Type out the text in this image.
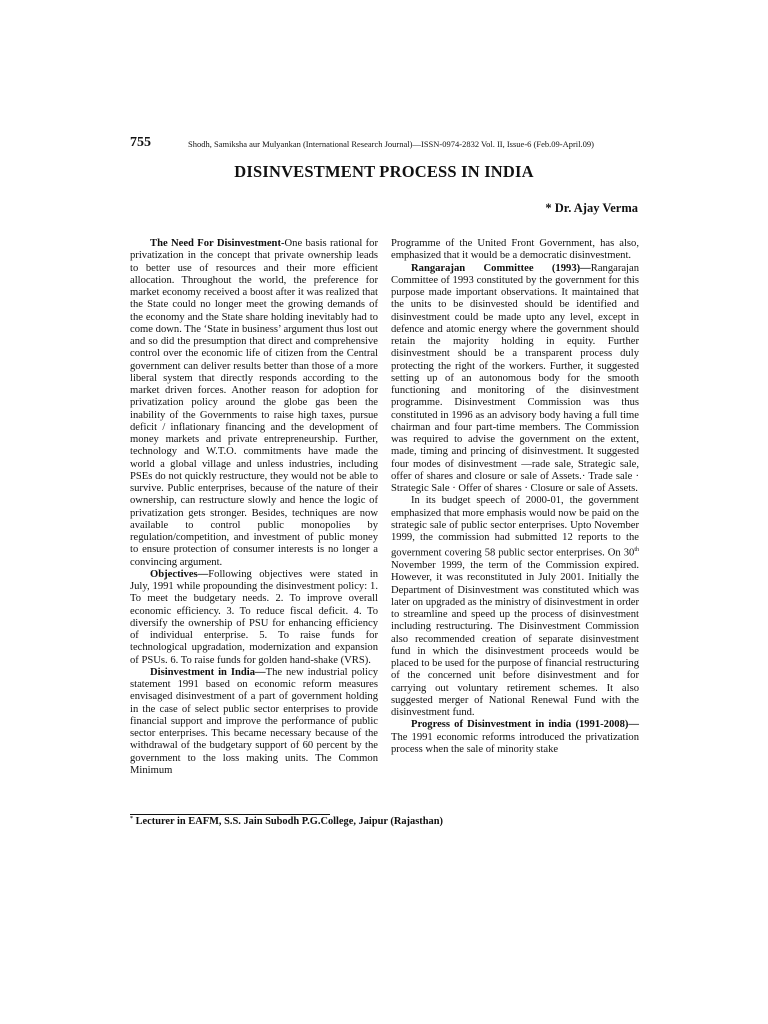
755	Shodh, Samiksha aur Mulyankan (International Research Journal)—ISSN-0974-2832 Vol. II, Issue-6 (Feb.09-April.09)
DISINVESTMENT PROCESS IN INDIA
* Dr. Ajay Verma

The Need For Disinvestment-One basis rational for privatization in the concept that private ownership leads to better use of resources and their more efficient allocation. Throughout the world, the preference for market economy received a boost after it was realized that the State could no longer meet the growing demands of the economy and the State share holding inevitably had to come down. The ‘State in business’ argument thus lost out and so did the presumption that direct and comprehensive control over the economic life of citizen from the Central government can deliver results better than those of a more liberal system that directly responds according to the market driven forces. Another reason for adoption for privatization policy around the globe gas been the inability of the Governments to raise high taxes, pursue deficit / inflationary financing and the development of money markets and private entrepreneurship. Further, technology and W.T.O. commitments have made the world a global village and unless industries, including PSEs do not quickly restructure, they would not be able to survive. Public enterprises, because of the nature of their ownership, can restructure slowly and hence the logic of privatization gets stronger. Besides, techniques are now available to control public monopolies by regulation/competition, and investment of public money to ensure protection of consumer interests is no longer a convincing argument.

Objectives—Following objectives were stated in July, 1991 while propounding the disinvestment policy: 1. To meet the budgetary needs. 2. To improve overall economic efficiency. 3. To reduce fiscal deficit. 4. To diversify the ownership of PSU for enhancing efficiency of individual enterprise. 5. To raise funds for technological upgradation, modernization and expansion of PSUs. 6. To raise funds for golden hand-shake (VRS).

Disinvestment in India—The new industrial policy statement 1991 based on economic reform measures envisaged disinvestment of a part of government holding in the case of select public sector enterprises to provide financial support and improve the performance of public sector enterprises. This became necessary because of the withdrawal of the budgetary support of 60 percent by the government to the loss making units. The Common Minimum

Programme of the United Front Government, has also, emphasized that it would be a democratic disinvestment.

Rangarajan Committee (1993)—Rangarajan Committee of 1993 constituted by the government for this purpose made important observations. It maintained that the units to be disinvested should be identified and disinvestment could be made upto any level, except in defence and atomic energy where the government should retain the majority holding in equity. Further disinvestment should be a transparent process duly protecting the right of the workers. Further, it suggested setting up of an autonomous body for the smooth functioning and monitoring of the disinvestment programme. Disinvestment Commission was thus constituted in 1996 as an advisory body having a full time chairman and four part-time members. The Commission was required to advise the government on the extent, made, timing and princing of disinvestment. It suggested four modes of disinvestment —rade sale, Strategic sale, offer of shares and closure or sale of Assets.· Trade sale · Strategic Sale · Offer of shares · Closure or sale of Assets.

In its budget speech of 2000-01, the government emphasized that more emphasis would now be paid on the strategic sale of public sector enterprises. Upto November 1999, the commission had submitted 12 reports to the government covering 58 public sector enterprises. On 30th November 1999, the term of the Commission expired. However, it was reconstituted in July 2001. Initially the Department of Disinvestment was constituted which was later on upgraded as the ministry of disinvestment in order to streamline and speed up the process of disinvestment including restructuring. The Disinvestment Commission also recommended creation of separate disinvestment fund in which the disinvestment proceeds would be placed to be used for the purpose of financial restructuring of the concerned unit before disinvestment and for carrying out voluntary retirement schemes. It also suggested merger of National Renewal Fund with the disinvestment fund.

Progress of Disinvestment in india (1991-2008)—The 1991 economic reforms introduced the privatization process when the sale of minority stake

* Lecturer in EAFM, S.S. Jain Subodh P.G.College, Jaipur (Rajasthan)
